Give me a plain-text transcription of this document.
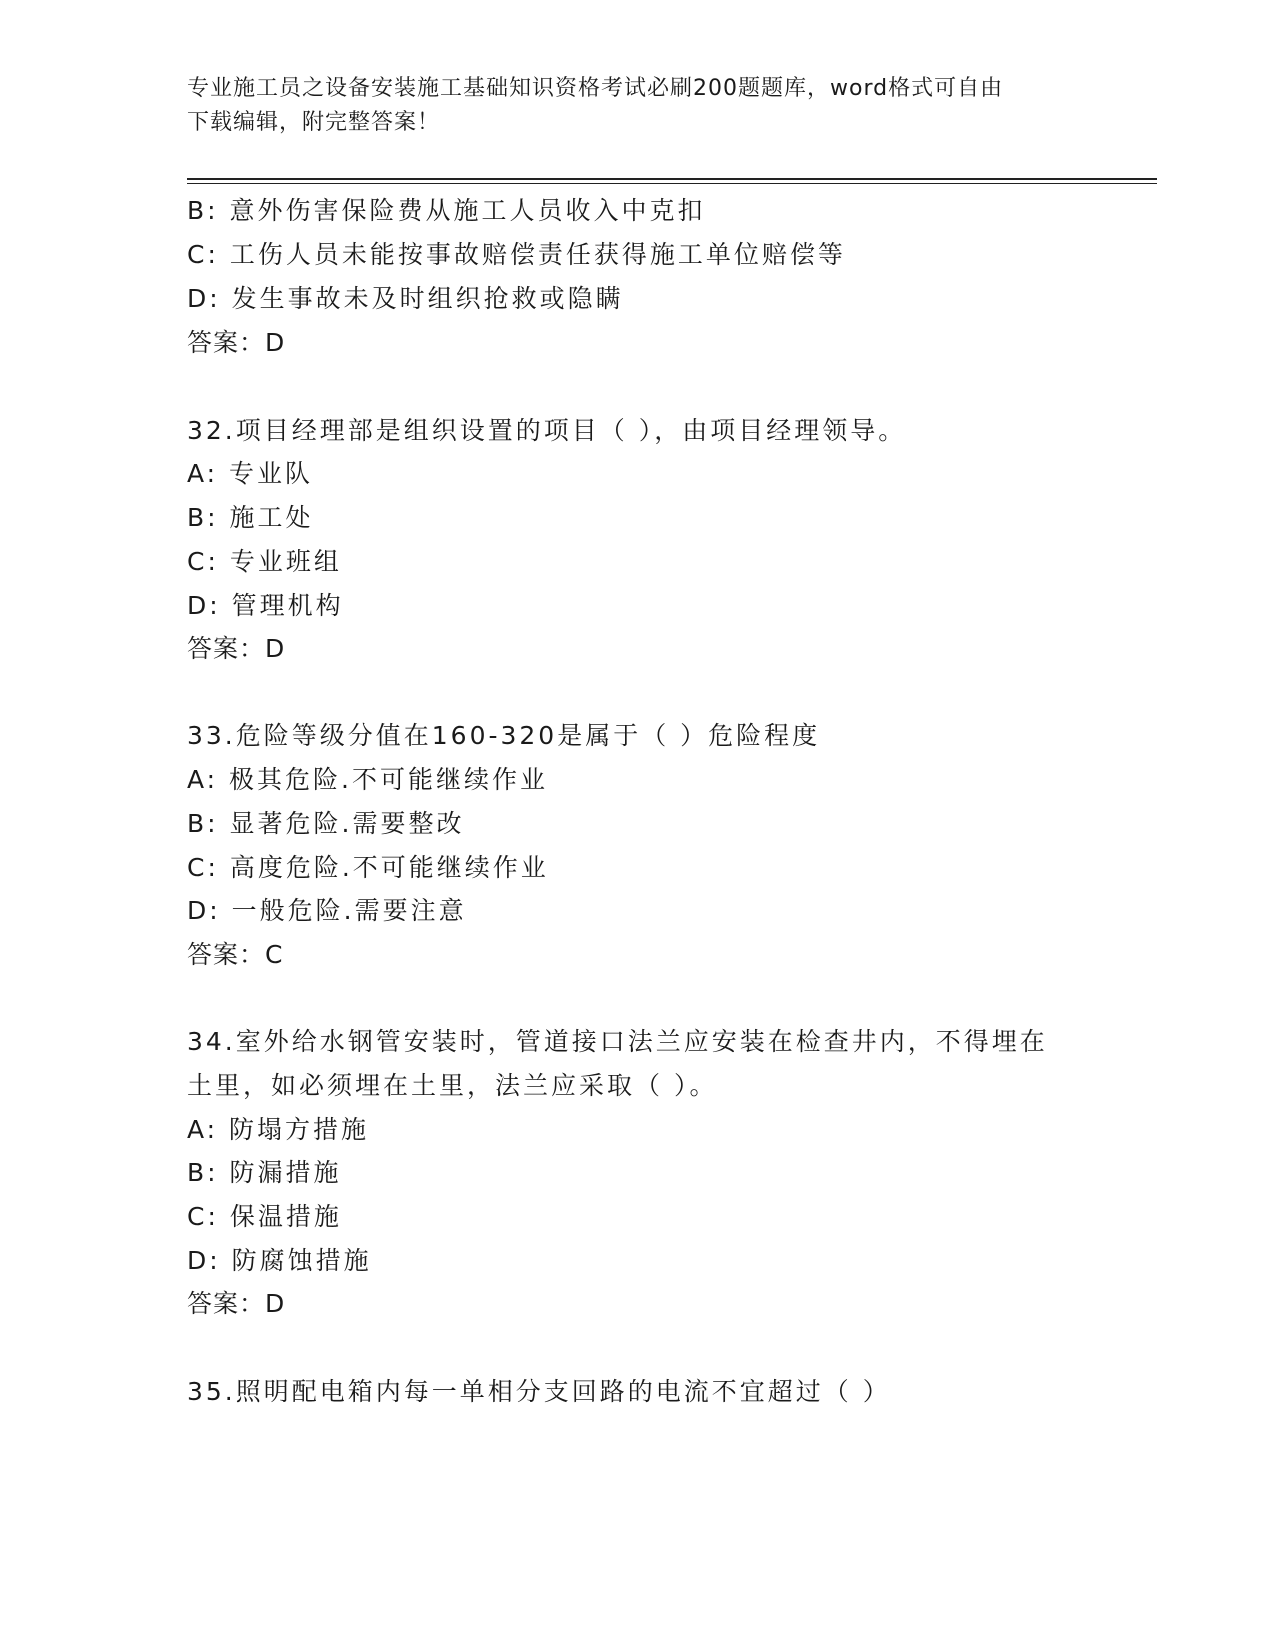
专业施工员之设备安装施工基础知识资格考试必刷200题题库，word格式可自由
下载编辑，附完整答案！
B: 意外伤害保险费从施工人员收入中克扣
C: 工伤人员未能按事故赔偿责任获得施工单位赔偿等
D: 发生事故未及时组织抢救或隐瞒
答案：D
32.项目经理部是组织设置的项目（ ），由项目经理领导。
A: 专业队
B: 施工处
C: 专业班组
D: 管理机构
答案：D
33.危险等级分值在160-320是属于（ ）危险程度
A: 极其危险.不可能继续作业
B: 显著危险.需要整改
C: 高度危险.不可能继续作业
D: 一般危险.需要注意
答案：C
34.室外给水钢管安装时，管道接口法兰应安装在检查井内，不得埋在
土里，如必须埋在土里，法兰应采取（ ）。
A: 防塌方措施
B: 防漏措施
C: 保温措施
D: 防腐蚀措施
答案：D
35.照明配电箱内每一单相分支回路的电流不宜超过（ ）
